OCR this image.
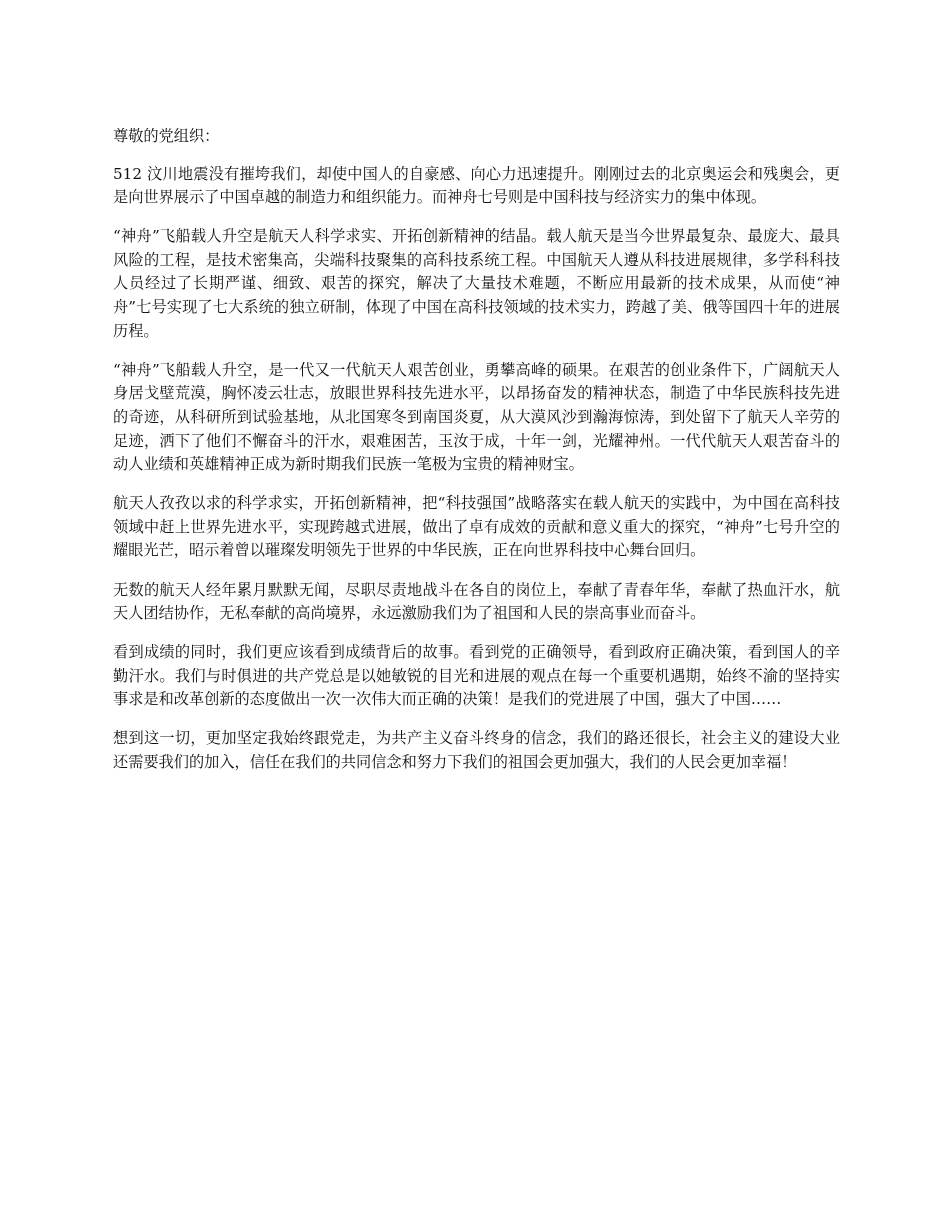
尊敬的党组织：

512 汶川地震没有摧垮我们，却使中国人的自豪感、向心力迅速提升。刚刚过去的北京奥运会和残奥会，更是向世界展示了中国卓越的制造力和组织能力。而神舟七号则是中国科技与经济实力的集中体现。

“神舟”飞船载人升空是航天人科学求实、开拓创新精神的结晶。载人航天是当今世界最复杂、最庞大、最具风险的工程，是技术密集高，尖端科技聚集的高科技系统工程。中国航天人遵从科技进展规律，多学科科技人员经过了长期严谨、细致、艰苦的探究，解决了大量技术难题，不断应用最新的技术成果，从而使“神舟”七号实现了七大系统的独立研制，体现了中国在高科技领域的技术实力，跨越了美、俄等国四十年的进展历程。

“神舟”飞船载人升空，是一代又一代航天人艰苦创业，勇攀高峰的硕果。在艰苦的创业条件下，广阔航天人身居戈壁荒漠，胸怀凌云壮志，放眼世界科技先进水平，以昂扬奋发的精神状态，制造了中华民族科技先进的奇迹，从科研所到试验基地，从北国寒冬到南国炎夏，从大漠风沙到瀚海惊涛，到处留下了航天人辛劳的足迹，洒下了他们不懈奋斗的汗水，艰难困苦，玉汝于成，十年一剑，光耀神州。一代代航天人艰苦奋斗的动人业绩和英雄精神正成为新时期我们民族一笔极为宝贵的精神财宝。

航天人孜孜以求的科学求实，开拓创新精神，把“科技强国”战略落实在载人航天的实践中，为中国在高科技领域中赶上世界先进水平，实现跨越式进展，做出了卓有成效的贡献和意义重大的探究，“神舟”七号升空的耀眼光芒，昭示着曾以璀璨发明领先于世界的中华民族，正在向世界科技中心舞台回归。

无数的航天人经年累月默默无闻，尽职尽责地战斗在各自的岗位上，奉献了青春年华，奉献了热血汗水，航天人团结协作，无私奉献的高尚境界，永远激励我们为了祖国和人民的崇高事业而奋斗。

看到成绩的同时，我们更应该看到成绩背后的故事。看到党的正确领导，看到政府正确决策，看到国人的辛勤汗水。我们与时俱进的共产党总是以她敏锐的目光和进展的观点在每一个重要机遇期，始终不渝的坚持实事求是和改革创新的态度做出一次一次伟大而正确的决策！是我们的党进展了中国，强大了中国……

想到这一切，更加坚定我始终跟党走，为共产主义奋斗终身的信念，我们的路还很长，社会主义的建设大业还需要我们的加入，信任在我们的共同信念和努力下我们的祖国会更加强大，我们的人民会更加幸福！
